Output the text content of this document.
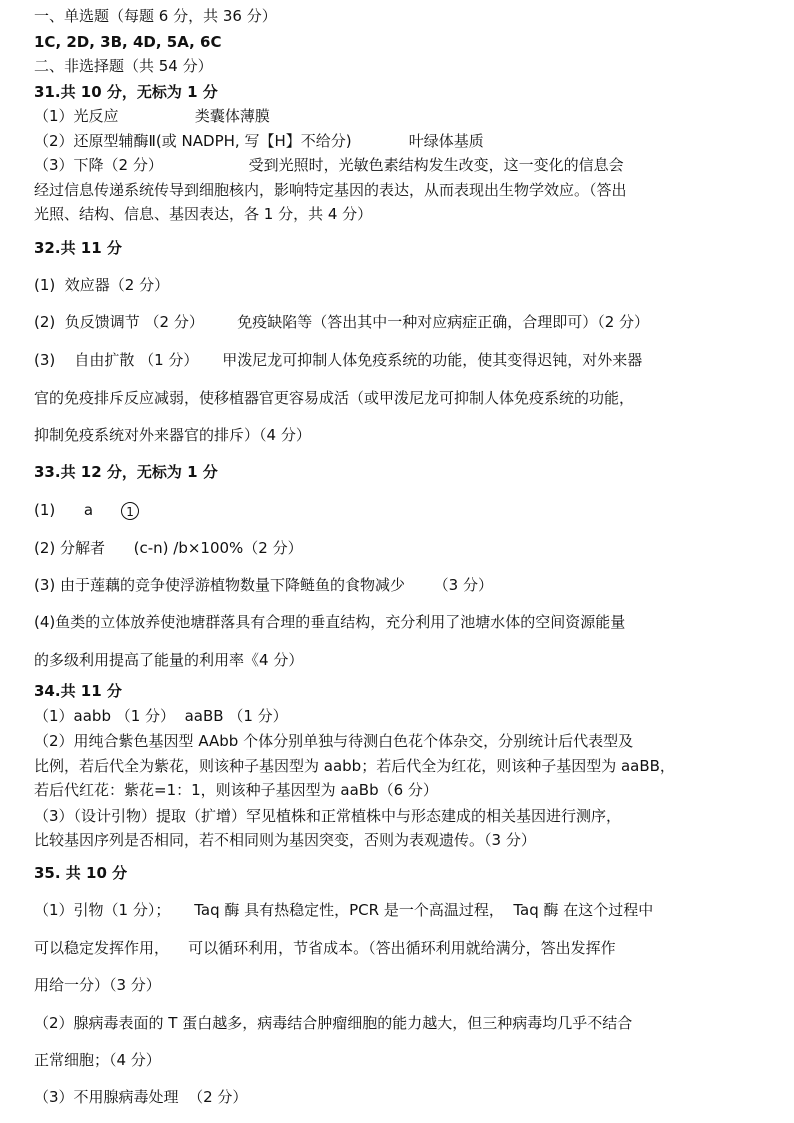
一、单选题（每题 6 分，共 36 分）

1C, 2D, 3B, 4D, 5A, 6C

二、非选择题（共 54 分）

31.共 10 分，无标为 1 分

（1）光反应                类囊体薄膜

（2）还原型辅酶Ⅱ(或 NADPH, 写【H】不给分)            叶绿体基质

（3）下降（2 分）                  受到光照时，光敏色素结构发生改变，这一变化的信息会

经过信息传递系统传导到细胞核内，影响特定基因的表达，从而表现出生物学效应。（答出

光照、结构、信息、基因表达，各 1 分，共 4 分）

32.共 11 分

(1)  效应器（2 分）

(2)  负反馈调节 （2 分）       免疫缺陷等（答出其中一种对应病症正确，合理即可）（2 分）

(3)    自由扩散 （1 分）     甲泼尼龙可抑制人体免疫系统的功能，使其变得迟钝，对外来器

官的免疫排斥反应减弱，使移植器官更容易成活（或甲泼尼龙可抑制人体免疫系统的功能，

抑制免疫系统对外来器官的排斥）（4 分）

33.共 12 分，无标为 1 分

(1)      a	1

(2) 分解者      (c-n) /b×100%（2 分）

(3) 由于莲藕的竞争使浮游植物数量下降鲢鱼的食物减少      （3 分）

(4)鱼类的立体放养使池塘群落具有合理的垂直结构，充分利用了池塘水体的空间资源能量

的多级利用提高了能量的利用率《4 分）

34.共 11 分

（1）aabb （1 分）  aaBB （1 分）

（2）用纯合紫色基因型 AAbb 个体分别单独与待测白色花个体杂交，分别统计后代表型及

比例，若后代全为紫花，则该种子基因型为 aabb；若后代全为红花，则该种子基因型为 aaBB，

若后代红花：紫花=1：1，则该种子基因型为 aaBb（6 分）

（3）（设计引物）提取（扩增）罕见植株和正常植株中与形态建成的相关基因进行测序，

比较基因序列是否相同，若不相同则为基因突变，否则为表观遗传。（3 分）

35. 共 10 分

（1）引物（1 分）；     Taq 酶 具有热稳定性，PCR 是一个高温过程，  Taq 酶 在这个过程中

可以稳定发挥作用，    可以循环利用，节省成本。（答出循环利用就给满分，答出发挥作

用给一分）（3 分）

（2）腺病毒表面的 T 蛋白越多，病毒结合肿瘤细胞的能力越大，但三种病毒均几乎不结合

正常细胞；（4 分）

（3）不用腺病毒处理  （2 分）
